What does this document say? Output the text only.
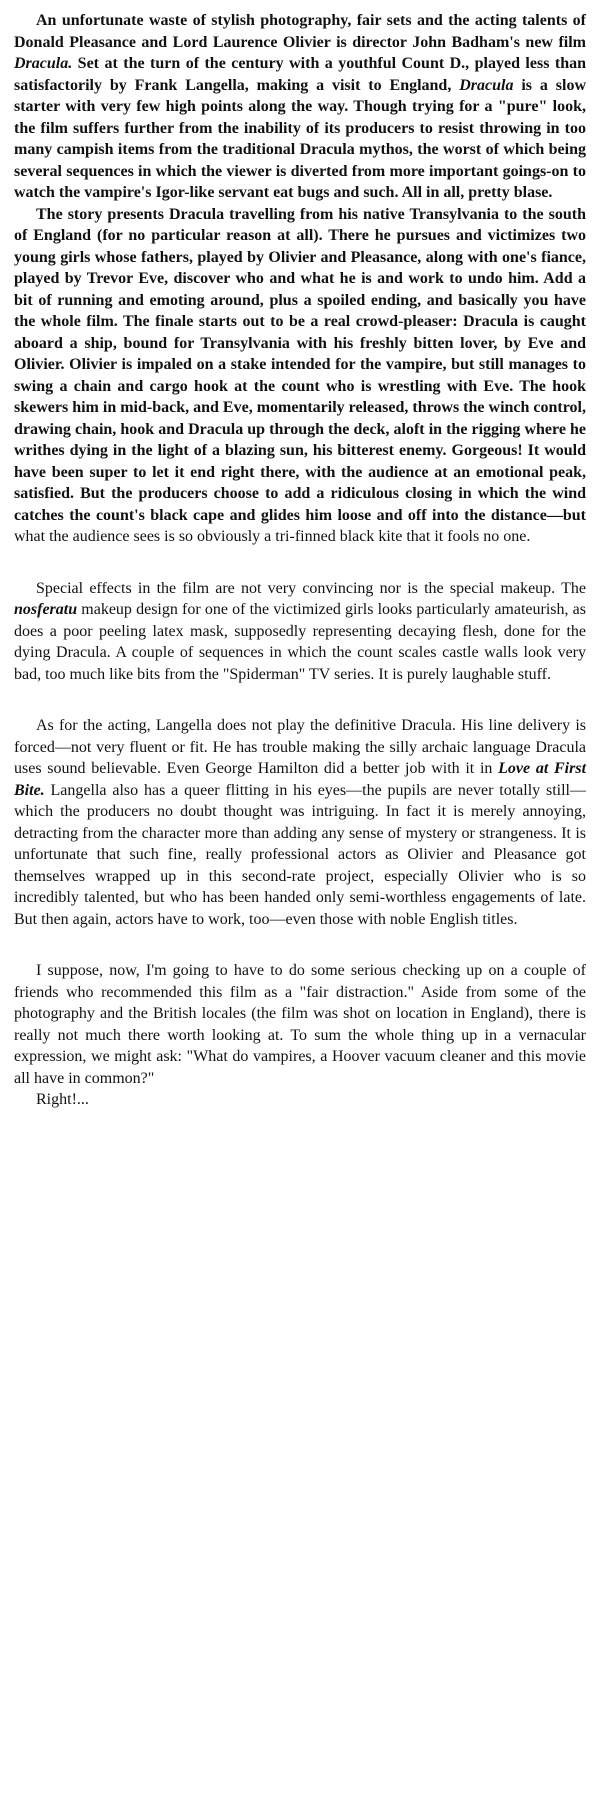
An unfortunate waste of stylish photography, fair sets and the acting talents of Donald Pleasance and Lord Laurence Olivier is director John Badham's new film Dracula. Set at the turn of the century with a youthful Count D., played less than satisfactorily by Frank Langella, making a visit to England, Dracula is a slow starter with very few high points along the way. Though trying for a "pure" look, the film suffers further from the inability of its producers to resist throwing in too many campish items from the traditional Dracula mythos, the worst of which being several sequences in which the viewer is diverted from more important goings-on to watch the vampire's Igor-like servant eat bugs and such. All in all, pretty blase.

The story presents Dracula travelling from his native Transylvania to the south of England (for no particular reason at all). There he pursues and victimizes two young girls whose fathers, played by Olivier and Pleasance, along with one's fiance, played by Trevor Eve, discover who and what he is and work to undo him. Add a bit of running and emoting around, plus a spoiled ending, and basically you have the whole film. The finale starts out to be a real crowd-pleaser: Dracula is caught aboard a ship, bound for Transylvania with his freshly bitten lover, by Eve and Olivier. Olivier is impaled on a stake intended for the vampire, but still manages to swing a chain and cargo hook at the count who is wrestling with Eve. The hook skewers him in mid-back, and Eve, momentarily released, throws the winch control, drawing chain, hook and Dracula up through the deck, aloft in the rigging where he writhes dying in the light of a blazing sun, his bitterest enemy. Gorgeous! It would have been super to let it end right there, with the audience at an emotional peak, satisfied. But the producers choose to add a ridiculous closing in which the wind catches the count's black cape and glides him loose and off into the distance—but what the audience sees is so obviously a tri-finned black kite that it fools no one.

Special effects in the film are not very convincing nor is the special makeup. The nosferatu makeup design for one of the victimized girls looks particularly amateurish, as does a poor peeling latex mask, supposedly representing decaying flesh, done for the dying Dracula. A couple of sequences in which the count scales castle walls look very bad, too much like bits from the "Spiderman" TV series. It is purely laughable stuff.

As for the acting, Langella does not play the definitive Dracula. His line delivery is forced—not very fluent or fit. He has trouble making the silly archaic language Dracula uses sound believable. Even George Hamilton did a better job with it in Love at First Bite. Langella also has a queer flitting in his eyes—the pupils are never totally still—which the producers no doubt thought was intriguing. In fact it is merely annoying, detracting from the character more than adding any sense of mystery or strangeness. It is unfortunate that such fine, really professional actors as Olivier and Pleasance got themselves wrapped up in this second-rate project, especially Olivier who is so incredibly talented, but who has been handed only semi-worthless engagements of late. But then again, actors have to work, too—even those with noble English titles.

I suppose, now, I'm going to have to do some serious checking up on a couple of friends who recommended this film as a "fair distraction." Aside from some of the photography and the British locales (the film was shot on location in England), there is really not much there worth looking at. To sum the whole thing up in a vernacular expression, we might ask: "What do vampires, a Hoover vacuum cleaner and this movie all have in common?"

Right!...
